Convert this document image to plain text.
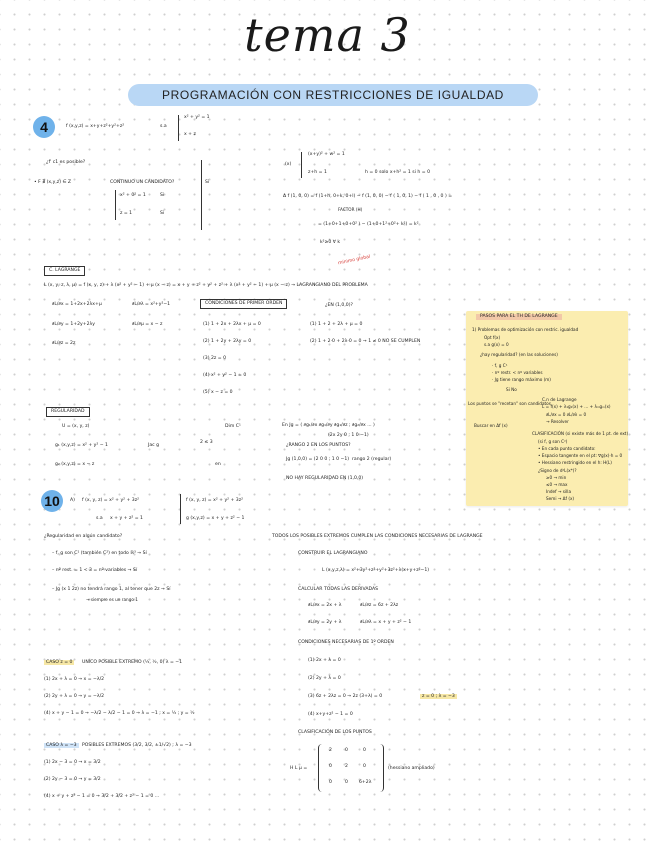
tema 3
PROGRAMACIÓN CON RESTRICCIONES DE IGUALDAD
4	f (x,y,z) = x+y+z²+y²+z²	s.a
x² + y² = 1
x + z
¿f' c1 es posible?
• F ∄ (x,y,z) ∈ Z	CONTINUO UN CANDIDATO?
x² + 0² = 1
z = 1
Si
Si
Si
(x)
(x+y)² + w² = 1
z+h = 1	h = 0 solo x+h² = 1 si h = 0
Δ f (1, 0, 0) = f (1+h, 0+k, 0+l) − f (1, 0, 0) − f ( 1, 0, 1) − f ( 1 , 0 , 0 ) =
FACTOR (H)
= (1+0+1+0+0² ) − (1+0+1²+0²+ k²) = k²
k²≥0 ∀ k
mínimo global
C. LAGRANGE
L (x, y, z, λ, μ) = f (x, y, z) + λ (x² + y² − 1) + μ (x − z) = x + y + z² + y² + z² + λ (x² + y² − 1) + μ (x − z) → LAGRANGIANO DEL PROBLEMA
∂L/∂x = 1+2x+2λx+μ
∂L/∂y = 1+2y+2λy
∂L/∂z = 2z
∂L/∂λ = x²+y²−1
∂L/∂μ = x − z
CONDICIONES DE PRIMER ORDEN
(1) 1 + 2x + 2λx + μ = 0
(2) 1 + 2y + 2λy = 0
(3) 2z = 0
(4) x² + y² − 1 = 0
(5) x − z = 0
¿EN (1,0,0)?
(1) 1 + 2 + 2λ + μ = 0
(2) 1 + 2·0 + 2λ·0 = 0 → 1 ≠ 0 NO SE CUMPLEN
REGULARIDAD
U = (x, y, z)
g₁ (x,y,z) = x² + y² − 1
g₂ (x,y,z) = x − z
2 ≤ 3
Jac g
Dim C¹
en
En Jg = ( ∂g₁/∂x ∂g₁/∂y ∂g₁/∂z ; ∂g₂/∂x ... )
(2x 2y 0 ; 1 0 −1)
¿RANGO 2 EN LOS PUNTOS?
Jg (1,0,0) = (2 0 0 ; 1 0 −1) rango 2 (regular)
NO HAY REGULARIDAD EN (1,0,0)
PASOS PARA EL TH DE LAGRANGE
1) Problemas de optimización con restric. igualdad
Opt f(x)
s.a g(x) = 0
¿hay regularidad? (en las soluciones)
· f, g C¹
· nº restr. < nº variables
· Jg tiene rango máximo (m)
Si No
Los puntos se "recetan" son candidatos
C.n de Lagrange
L = f(x) + λ₁g₁(x) + ... + λₘgₘ(x)
∂L/∂x = 0 ∂L/∂λ = 0
→ Resolver
Buscar en Δf (x)
CLASIFICACIÓN (si existe más de 1 pt. de ext)
(si f, g son C²)
• En cada punto candidato:
• Espacio tangente en el pt: ∇g(x)·h = 0
• Hessiano restringido en el h: H(L)
¿Signo de d²L(x*)?
≥0 → min
≤0 → max
Indef → silla
Semi → Δf (x)
10	A) f (x, y, z) = x² + y² + 3z²
s.a x + y + z² = 1
f (x, y, z) = x² + y² + 3z²
g (x,y,z) = x + y + z² − 1
¿Regularidad en algún candidato?
– f, g son C¹ (también C²) en todo ℝ³ → Sí
– nº rest. = 1 < 3 = nº variables → Sí
– Jg (x 1 2z) no tendrá rango 1, al tener que 2z → Sí
→ siempre es un rango 1
TODOS LOS POSIBLES EXTREMOS CUMPLEN LAS CONDICIONES NECESARIAS DE LAGRANGE
CONSTRUIR EL LAGRANGIANO
L (x,y,z,λ) = x²+3y²+z²+y²+3z²+λ(x+y+z²−1)
CALCULAR TODAS LAS DERIVADAS
∂L/∂x = 2x + λ
∂L/∂y = 2y + λ
∂L/∂z = 6z + 2λz
∂L/∂λ = x + y + z² − 1
CONDICIONES NECESARIAS DE 1º ORDEN
(1) 2x + λ = 0
(2) 2y + λ = 0
(3) 6z + 2λz = 0 → 2z (3+λ) = 0
(4) x+y+z² − 1 = 0
z = 0 ; λ = −3
CASO z = 0	UNICO POSIBLE EXTREMO (½, ½, 0) λ = −1
(1) 2x + λ = 0 → x = −λ/2
(2) 2y + λ = 0 → y = −λ/2
(4) x + y − 1 = 0 → −λ/2 − λ/2 − 1 = 0 → λ = −1 ; x = ½ ; y = ½
CLASIFICACIÓN DE LOS PUNTOS
CASO λ = −3	POSIBLES EXTREMOS (3/2, 3/2, ±1/√2) ; λ = −3
(1) 2x − 3 = 0 → x = 3/2
(2) 2y − 3 = 0 → y = 3/2
(4) x + y + z² − 1 = 0 → 3/2 + 3/2 + z² − 1 = 0 ...
H L μ =
2	0	0
0	2	0
0	0 6+2λ
(hessiano ampliado)
